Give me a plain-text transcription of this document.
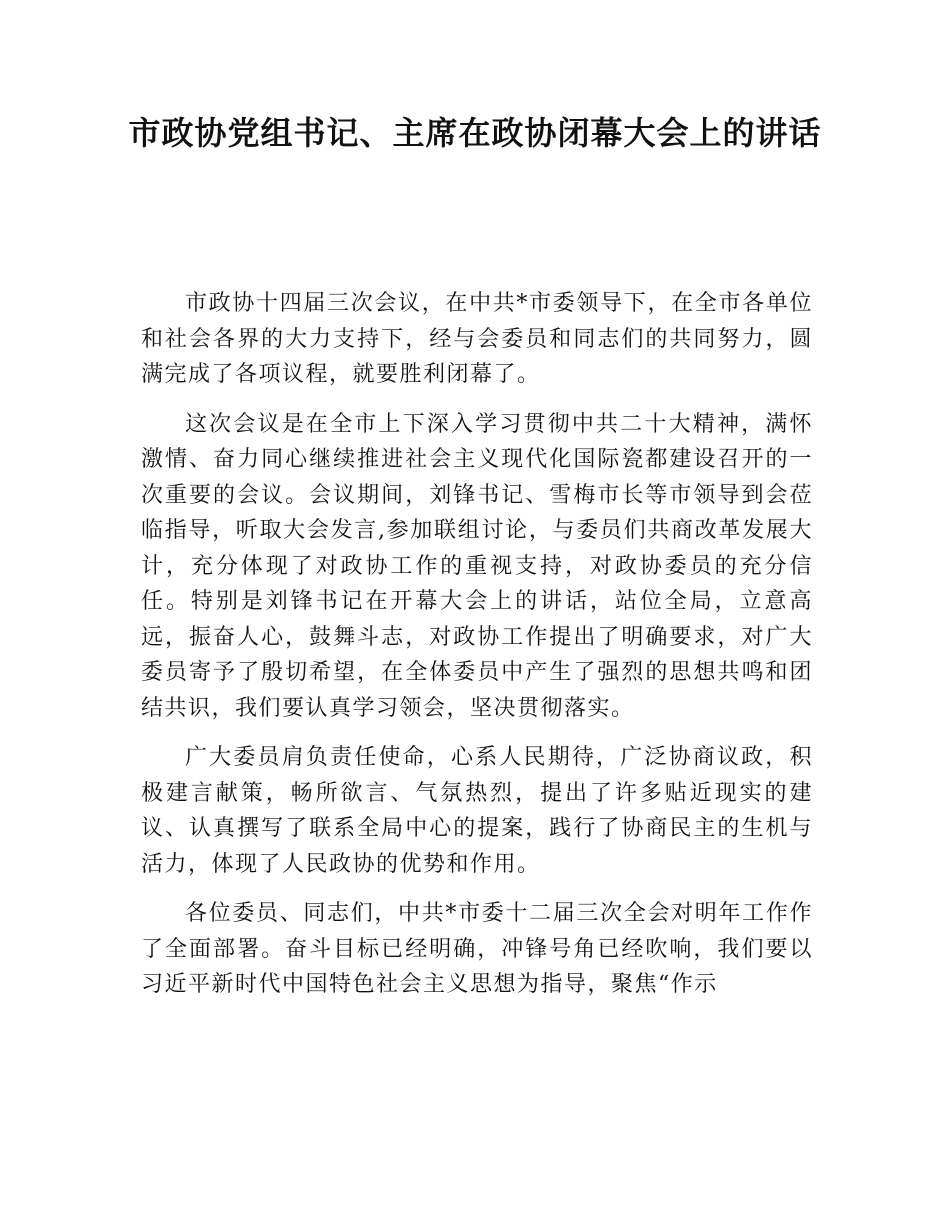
市政协党组书记、主席在政协闭幕大会上的讲话

市政协十四届三次会议，在中共*市委领导下，在全市各单位和社会各界的大力支持下，经与会委员和同志们的共同努力，圆满完成了各项议程，就要胜利闭幕了。

这次会议是在全市上下深入学习贯彻中共二十大精神，满怀激情、奋力同心继续推进社会主义现代化国际瓷都建设召开的一次重要的会议。会议期间，刘锋书记、雪梅市长等市领导到会莅临指导，听取大会发言,参加联组讨论，与委员们共商改革发展大计，充分体现了对政协工作的重视支持，对政协委员的充分信任。特别是刘锋书记在开幕大会上的讲话，站位全局，立意高远，振奋人心，鼓舞斗志，对政协工作提出了明确要求，对广大委员寄予了殷切希望，在全体委员中产生了强烈的思想共鸣和团结共识，我们要认真学习领会，坚决贯彻落实。

广大委员肩负责任使命，心系人民期待，广泛协商议政，积极建言献策，畅所欲言、气氛热烈，提出了许多贴近现实的建议、认真撰写了联系全局中心的提案，践行了协商民主的生机与活力，体现了人民政协的优势和作用。

各位委员、同志们，中共*市委十二届三次全会对明年工作作了全面部署。奋斗目标已经明确，冲锋号角已经吹响，我们要以习近平新时代中国特色社会主义思想为指导，聚焦“作示
